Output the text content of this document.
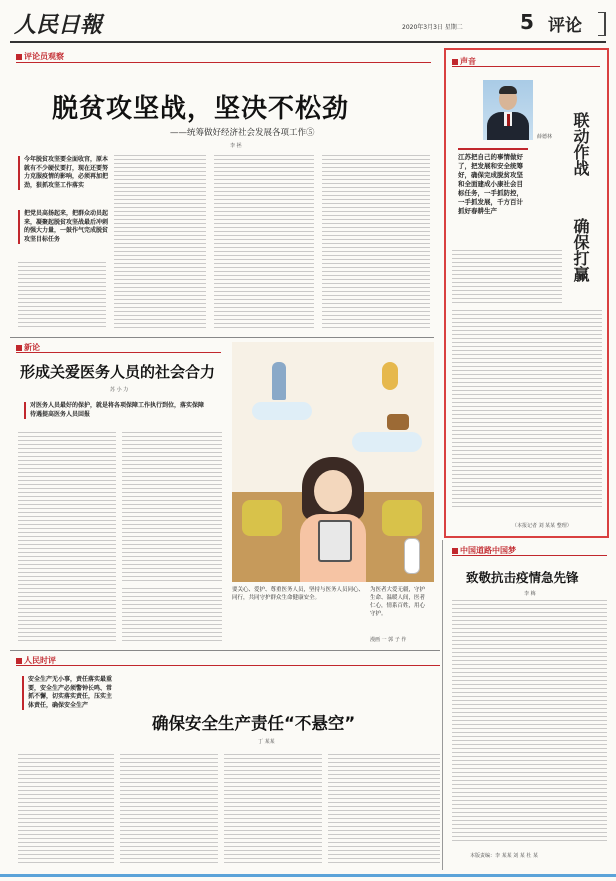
人民日報	2020年3月3日 星期二	5 评论
评论员观察
脱贫攻坚战，坚决不松劲
——统筹做好经济社会发展各项工作⑤
李 拯
今年脱贫攻坚要全面收官，原本就有不少硬仗要打，现在还要努力克服疫情的影响，必须再加把劲，狠抓攻坚工作落实
把党员高扬起来，把群众动员起来，凝聚起脱贫攻坚战最后冲刺的强大力量，一鼓作气完成脱贫攻坚目标任务
声音
薛德林
江苏把自己的事情做好了，把发展和安全统筹好，确保完成脱贫攻坚和全面建成小康社会目标任务，一手抓防控，一手抓发展，千方百计抓好春耕生产
联动作战
确保打赢
（本报记者 刘 某某 整理）
新论
形成关爱医务人员的社会合力
苏 小 力
对医务人员最好的保护，就是将各项保障工作执行到位，落实保障待遇提高医务人员回报
要关心、爱护、尊重医务人员，坚持与医务人员同心、同行，共同守护群众生命健康安全。
为医者大爱无疆，守护生命、温暖人间，医者仁心，情系百姓，用心守护。
漫画 一 郭 子 作
中国道路中国梦
致敬抗击疫情急先锋
李 梅
本版责编：李 某某 刘 某 杜 某
人民时评
确保安全生产责任“不悬空”
丁 某某
安全生产无小事，责任落实最重要，安全生产必须警钟长鸣、常抓不懈，切实落实责任，压实主体责任，确保安全生产
